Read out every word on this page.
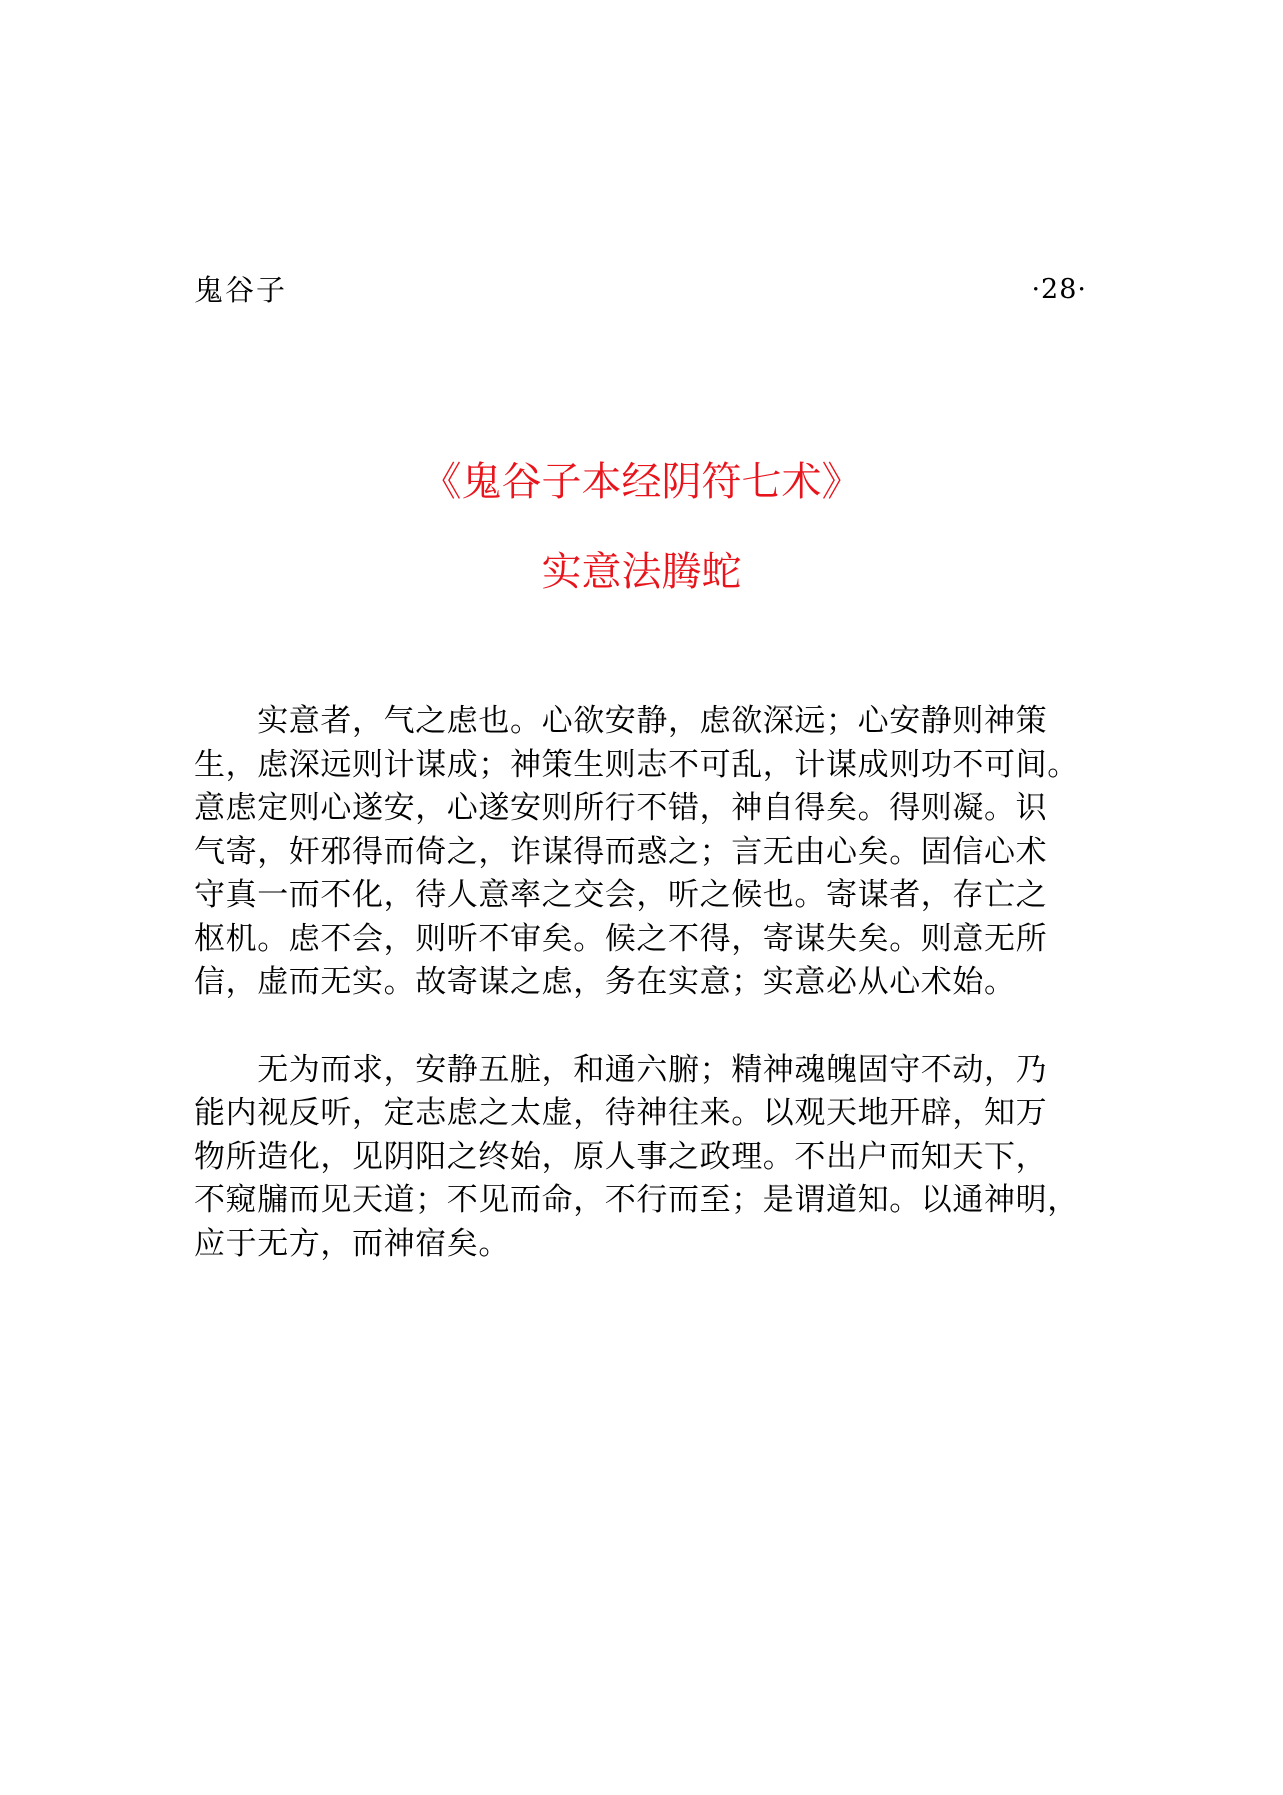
鬼谷子	·28·
《鬼谷子本经阴符七术》
实意法腾蛇
　　实意者，气之虑也。心欲安静，虑欲深远；心安静则神策
生，虑深远则计谋成；神策生则志不可乱，计谋成则功不可间。
意虑定则心遂安，心遂安则所行不错，神自得矣。得则凝。识
气寄，奸邪得而倚之，诈谋得而惑之；言无由心矣。固信心术
守真一而不化，待人意率之交会，听之候也。寄谋者，存亡之
枢机。虑不会，则听不审矣。候之不得，寄谋失矣。则意无所
信，虚而无实。故寄谋之虑，务在实意；实意必从心术始。
　　无为而求，安静五脏，和通六腑；精神魂魄固守不动，乃
能内视反听，定志虑之太虚，待神往来。以观天地开辟，知万
物所造化，见阴阳之终始，原人事之政理。不出户而知天下，
不窥牖而见天道；不见而命，不行而至；是谓道知。以通神明，
应于无方，而神宿矣。
